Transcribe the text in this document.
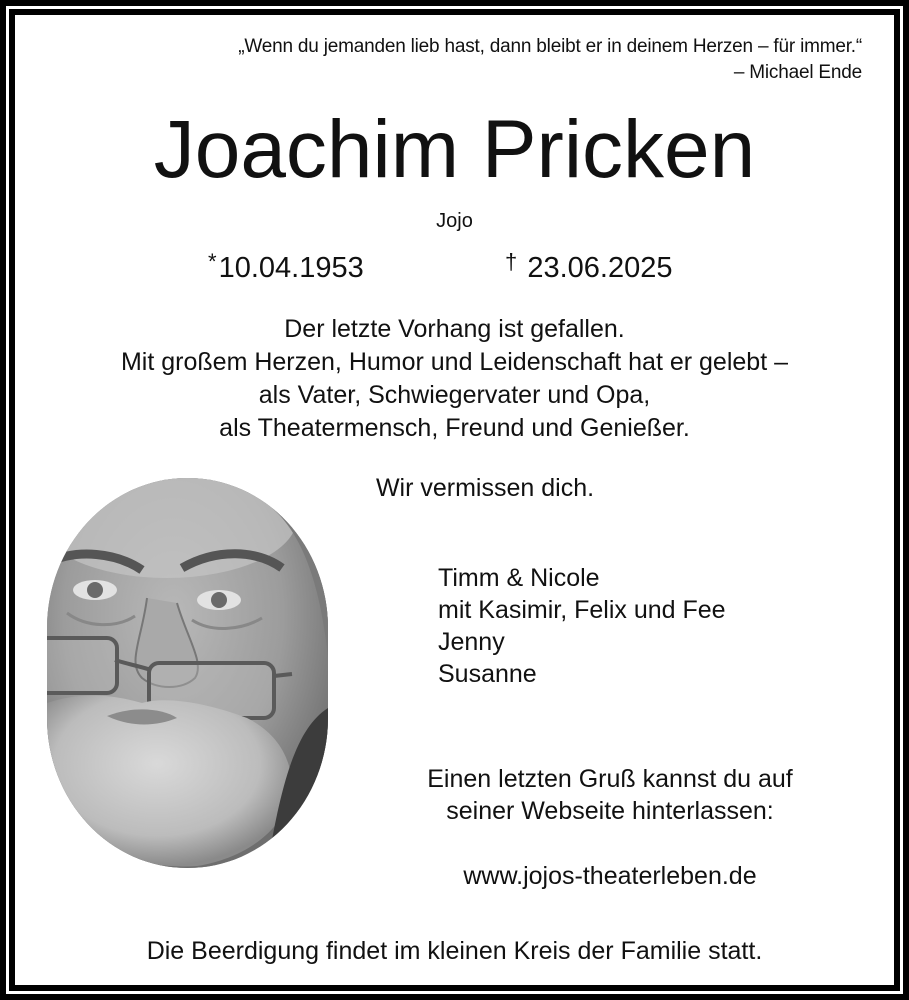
„Wenn du jemanden lieb hast, dann bleibt er in deinem Herzen – für immer.“
– Michael Ende
Joachim Pricken
Jojo
*10.04.1953	† 23.06.2025
Der letzte Vorhang ist gefallen.
Mit großem Herzen, Humor und Leidenschaft hat er gelebt –
als Vater, Schwiegervater und Opa,
als Theatermensch, Freund und Genießer.
Wir vermissen dich.
Timm & Nicole
mit Kasimir, Felix und Fee
Jenny
Susanne
Einen letzten Gruß kannst du auf
seiner Webseite hinterlassen:
www.jojos-theaterleben.de
Die Beerdigung findet im kleinen Kreis der Familie statt.
